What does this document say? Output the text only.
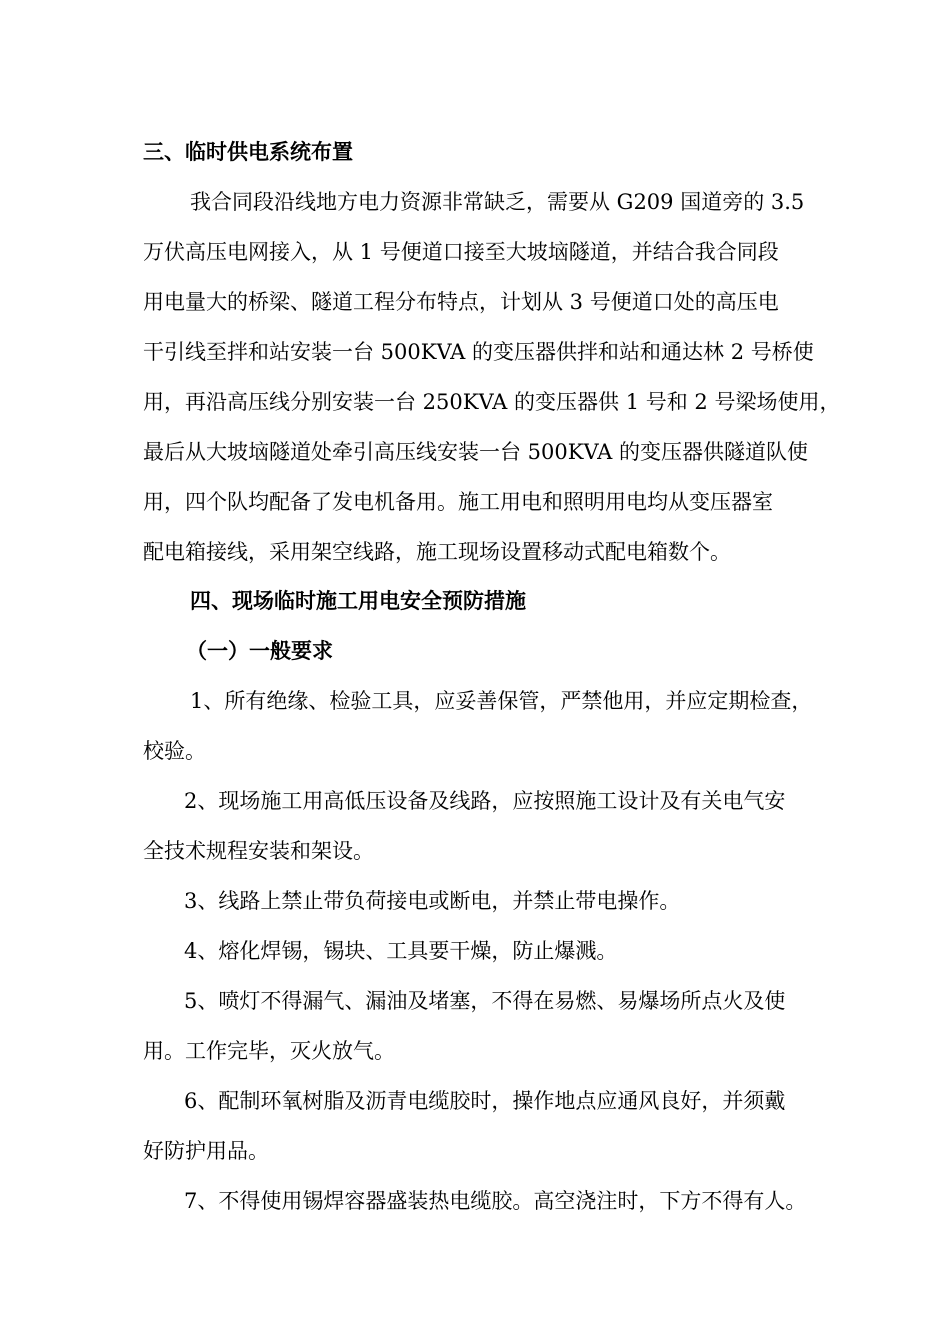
三、临时供电系统布置
我合同段沿线地方电力资源非常缺乏，需要从 G209 国道旁的 3.5
万伏高压电网接入，从 1 号便道口接至大坡垴隧道，并结合我合同段
用电量大的桥梁、隧道工程分布特点，计划从 3 号便道口处的高压电
干引线至拌和站安装一台 500KVA 的变压器供拌和站和通达林 2 号桥使
用，再沿高压线分别安装一台 250KVA 的变压器供 1 号和 2 号梁场使用，
最后从大坡垴隧道处牵引高压线安装一台 500KVA 的变压器供隧道队使
用，四个队均配备了发电机备用。施工用电和照明用电均从变压器室
配电箱接线，采用架空线路，施工现场设置移动式配电箱数个。
四、现场临时施工用电安全预防措施
（一）一般要求
1、所有绝缘、检验工具，应妥善保管，严禁他用，并应定期检查，
校验。
2、现场施工用高低压设备及线路，应按照施工设计及有关电气安
全技术规程安装和架设。
3、线路上禁止带负荷接电或断电，并禁止带电操作。
4、熔化焊锡，锡块、工具要干燥，防止爆溅。
5、喷灯不得漏气、漏油及堵塞，不得在易燃、易爆场所点火及使
用。工作完毕，灭火放气。
6、配制环氧树脂及沥青电缆胶时，操作地点应通风良好，并须戴
好防护用品。
7、不得使用锡焊容器盛装热电缆胶。高空浇注时，下方不得有人。
